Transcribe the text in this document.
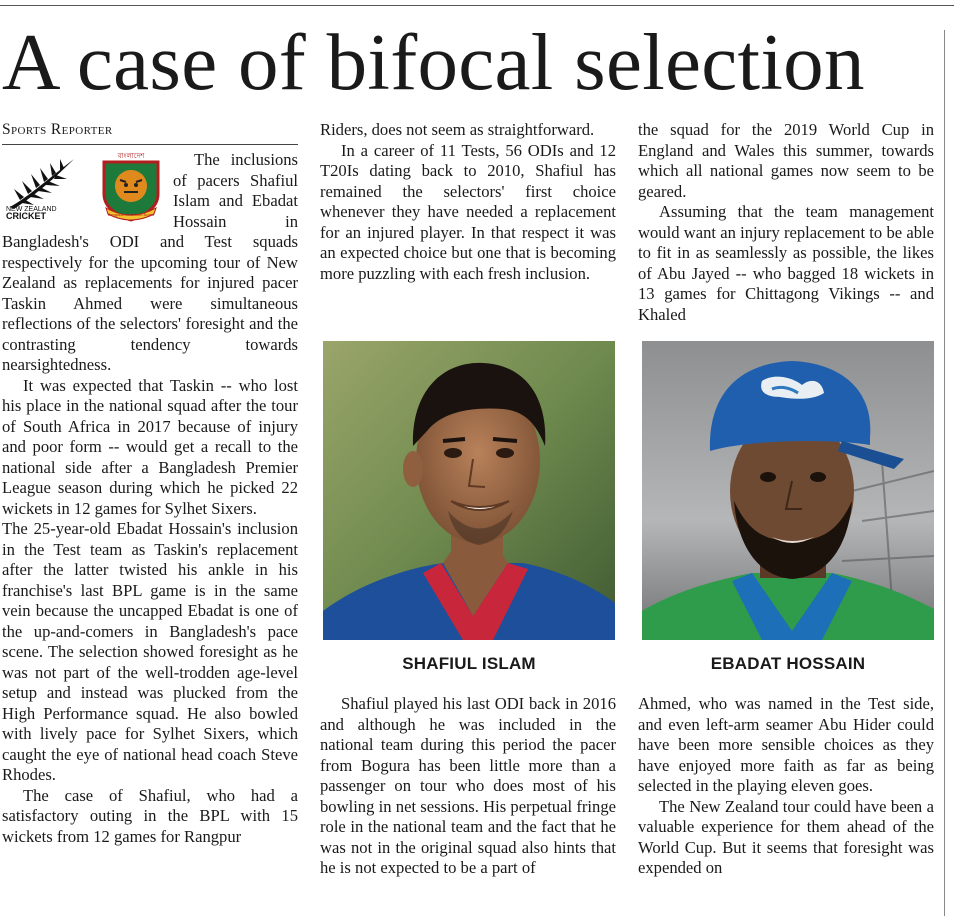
A case of bifocal selection
Sports Reporter
NEW ZEALAND
CRICKET
বাংলাদেশ
Bangladesh Cricket Board

The inclusions of pacers Shafiul Islam and Ebadat Hossain in Bangladesh's ODI and Test squads respectively for the upcoming tour of New Zealand as replacements for injured pacer Taskin Ahmed were simultaneous reflections of the selectors' foresight and the contrasting tendency towards nearsightedness.

It was expected that Taskin -- who lost his place in the national squad after the tour of South Africa in 2017 because of injury and poor form -- would get a recall to the national side after a Bangladesh Premier League season during which he picked 22 wickets in 12 games for Sylhet Sixers.

The 25-year-old Ebadat Hossain's inclusion in the Test team as Taskin's replacement after the latter twisted his ankle in his franchise's last BPL game is in the same vein because the uncapped Ebadat is one of the up-and-comers in Bangladesh's pace scene. The selection showed foresight as he was not part of the well-trodden age-level setup and instead was plucked from the High Performance squad. He also bowled with lively pace for Sylhet Sixers, which caught the eye of national head coach Steve Rhodes.

The case of Shafiul, who had a satisfactory outing in the BPL with 15 wickets from 12 games for Rangpur

Riders, does not seem as straightforward.

In a career of 11 Tests, 56 ODIs and 12 T20Is dating back to 2010, Shafiul has remained the selectors' first choice whenever they have needed a replacement for an injured player. In that respect it was an expected choice but one that is becoming more puzzling with each fresh inclusion.

the squad for the 2019 World Cup in England and Wales this summer, towards which all national games now seem to be geared.

Assuming that the team management would want an injury replacement to be able to fit in as seamlessly as possible, the likes of Abu Jayed -- who bagged 18 wickets in 13 games for Chittagong Vikings -- and Khaled

SHAFIUL ISLAM	EBADAT HOSSAIN

Shafiul played his last ODI back in 2016 and although he was included in the national team during this period the pacer from Bogura has been little more than a passenger on tour who does most of his bowling in net sessions. His perpetual fringe role in the national team and the fact that he was not in the original squad also hints that he is not expected to be a part of

Ahmed, who was named in the Test side, and even left-arm seamer Abu Hider could have been more sensible choices as they have enjoyed more faith as far as being selected in the playing eleven goes.

The New Zealand tour could have been a valuable experience for them ahead of the World Cup. But it seems that foresight was expended on
